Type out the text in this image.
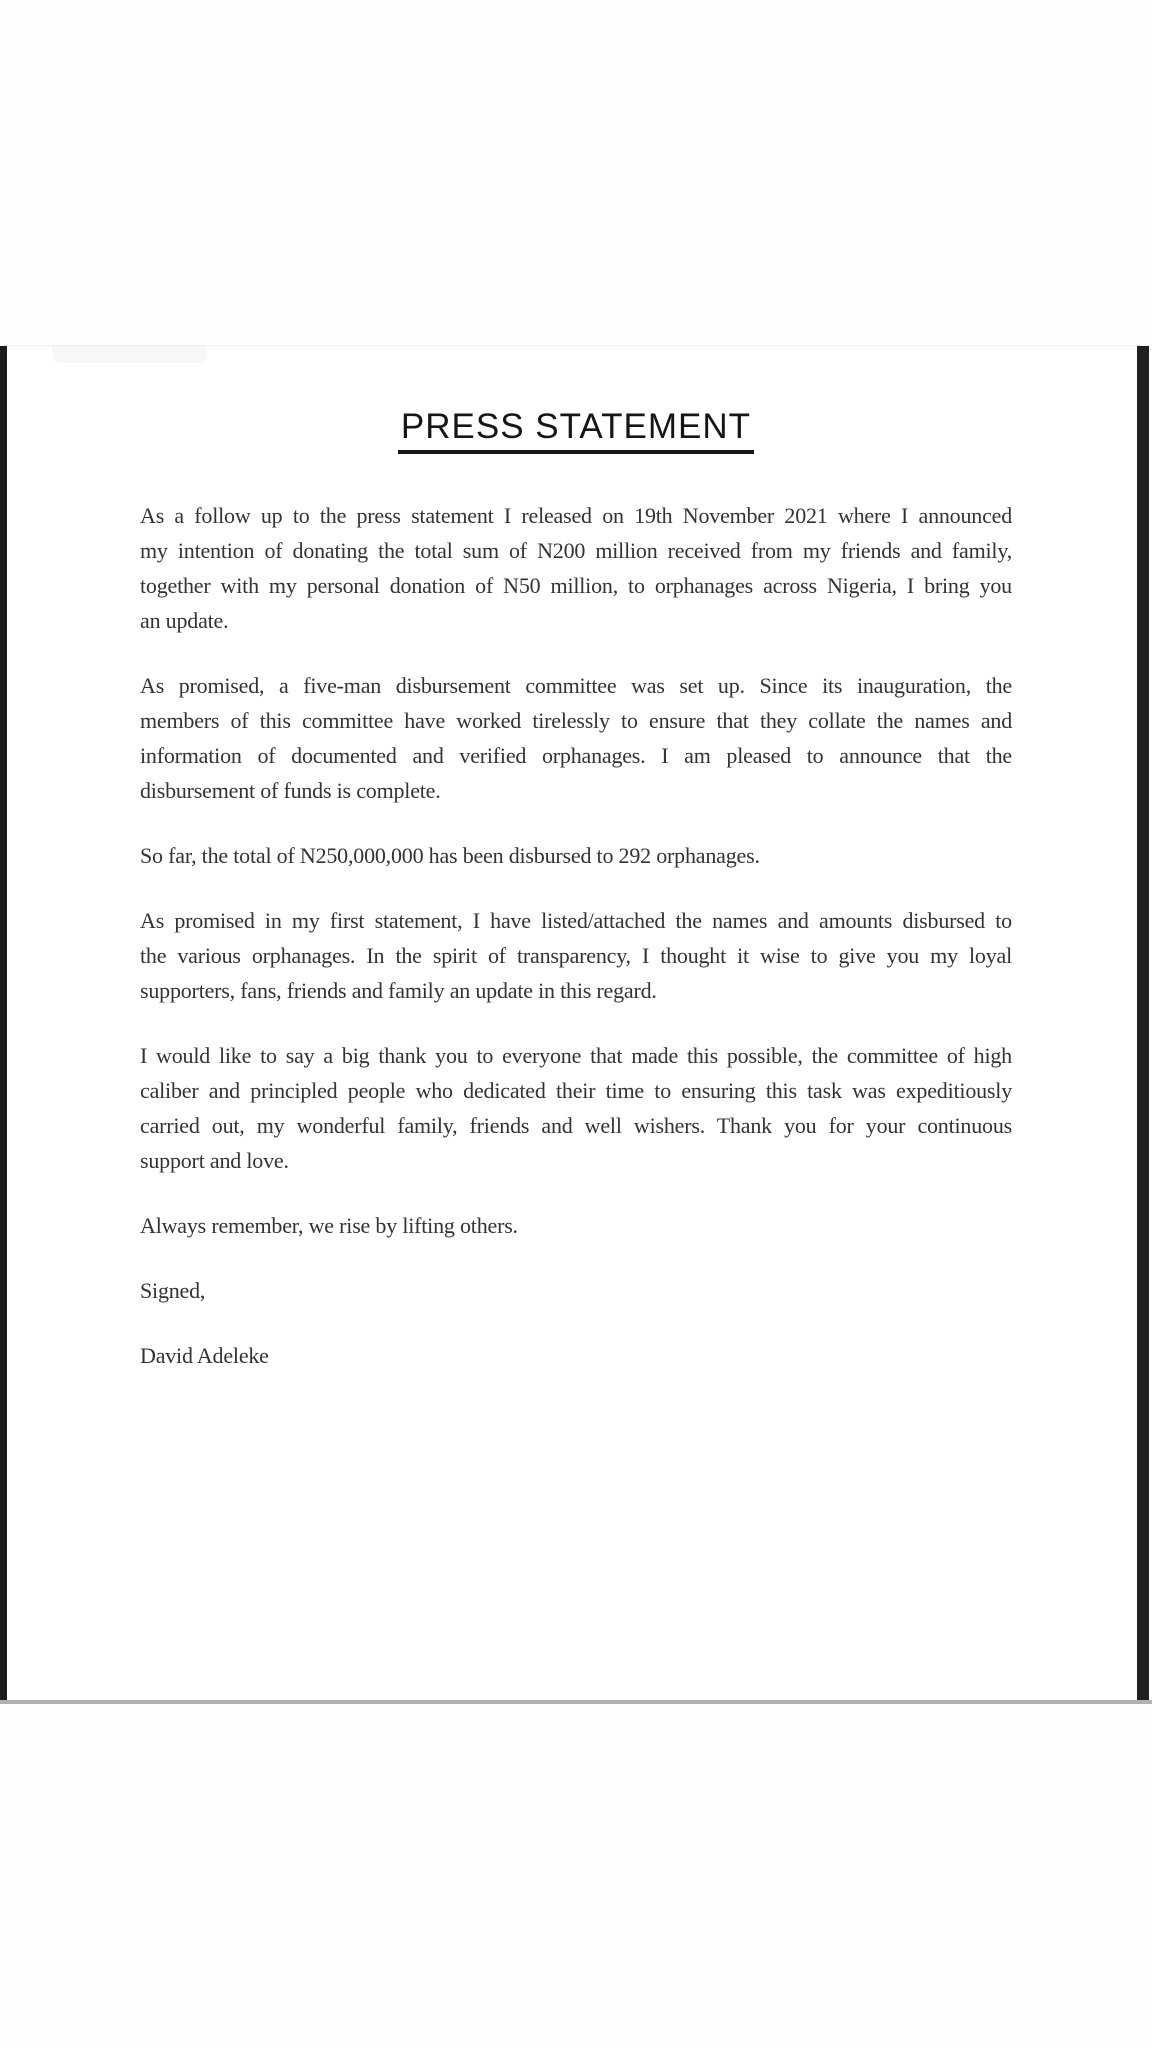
PRESS STATEMENT
As a follow up to the press statement I released on 19th November 2021 where I announced
my intention of donating the total sum of N200 million received from my friends and family,
together with my personal donation of N50 million, to orphanages across Nigeria, I bring you
an update.
As promised, a five-man disbursement committee was set up. Since its inauguration, the
members of this committee have worked tirelessly to ensure that they collate the names and
information of documented and verified orphanages. I am pleased to announce that the
disbursement of funds is complete.
So far, the total of N250,000,000 has been disbursed to 292 orphanages.
As promised in my first statement, I have listed/attached the names and amounts disbursed to
the various orphanages. In the spirit of transparency, I thought it wise to give you my loyal
supporters, fans, friends and family an update in this regard.
I would like to say a big thank you to everyone that made this possible, the committee of high
caliber and principled people who dedicated their time to ensuring this task was expeditiously
carried out, my wonderful family, friends and well wishers. Thank you for your continuous
support and love.
Always remember, we rise by lifting others.
Signed,
David Adeleke
